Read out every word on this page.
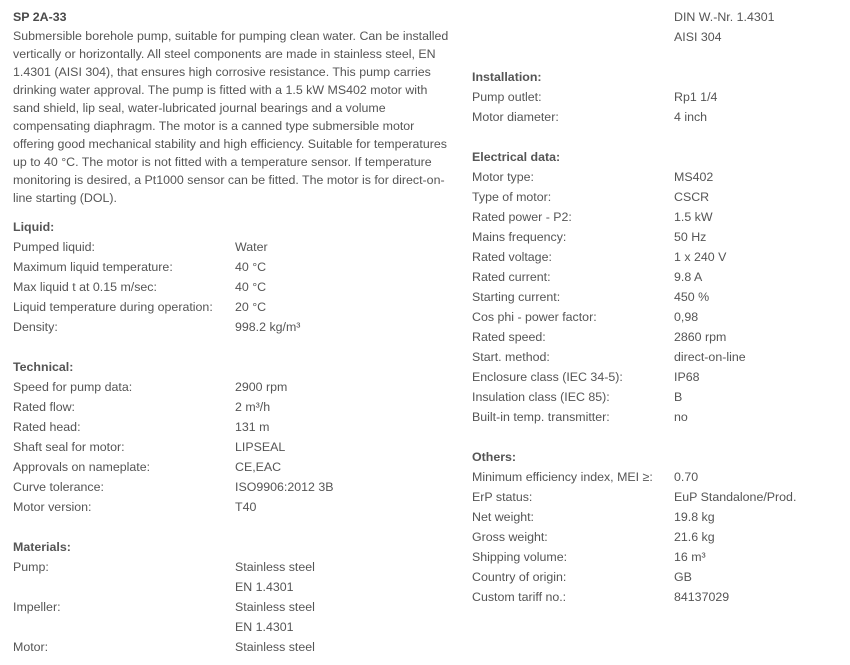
SP 2A-33

Submersible borehole pump, suitable for pumping clean water. Can be installed vertically or horizontally. All steel components are made in stainless steel, EN 1.4301 (AISI 304), that ensures high corrosive resistance. This pump carries drinking water approval. The pump is fitted with a 1.5 kW MS402 motor with sand shield, lip seal, water-lubricated journal bearings and a volume compensating diaphragm. The motor is a canned type submersible motor offering good mechanical stability and high efficiency. Suitable for temperatures up to 40 °C. The motor is not fitted with a temperature sensor. If temperature monitoring is desired, a Pt1000 sensor can be fitted. The motor is for direct-on-line starting (DOL).

Liquid:
Pumped liquid:	Water
Maximum liquid temperature:	40 °C
Max liquid t at 0.15 m/sec:	40 °C
Liquid temperature during operation:	20 °C
Density:	998.2 kg/m³
Technical:
Speed for pump data:	2900 rpm
Rated flow:	2 m³/h
Rated head:	131 m
Shaft seal for motor:	LIPSEAL
Approvals on nameplate:	CE,EAC
Curve tolerance:	ISO9906:2012 3B
Motor version:	T40
Materials:
Pump:	Stainless steel
EN 1.4301
Impeller:	Stainless steel
EN 1.4301
Motor:	Stainless steel
DIN W.-Nr. 1.4301
AISI 304
Installation:
Pump outlet:	Rp1 1/4
Motor diameter:	4 inch
Electrical data:
Motor type:	MS402
Type of motor:	CSCR
Rated power - P2:	1.5 kW
Mains frequency:	50 Hz
Rated voltage:	1 x 240 V
Rated current:	9.8 A
Starting current:	450 %
Cos phi - power factor:	0,98
Rated speed:	2860 rpm
Start. method:	direct-on-line
Enclosure class (IEC 34-5):	IP68
Insulation class (IEC 85):	B
Built-in temp. transmitter:	no
Others:
Minimum efficiency index, MEI ≥:	0.70
ErP status:	EuP Standalone/Prod.
Net weight:	19.8 kg
Gross weight:	21.6 kg
Shipping volume:	16 m³
Country of origin:	GB
Custom tariff no.:	84137029
